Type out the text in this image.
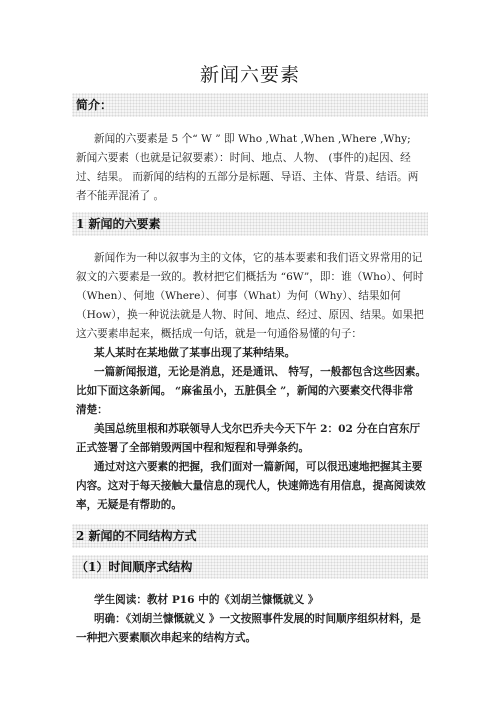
新闻六要素
简介：
新闻的六要素是 5 个“ W ” 即 Who ,What ,When ,Where ,Why;
新闻六要素（也就是记叙要素）：时间、地点、人物、 (事件的)起因、经
过、结果。 而新闻的结构的五部分是标题、导语、主体、背景、结语。两
者不能弄混淆了 。
1 新闻的六要素
新闻作为一种以叙事为主的文体，它的基本要素和我们语文界常用的记
叙文的六要素是一致的。教材把它们概括为 “6W”，即：谁（Who）、何时
（When）、何地（Where）、何事（What）为何（Why）、结果如何
（How），换一种说法就是人物、时间、地点、经过、原因、结果。如果把
这六要素串起来，概括成一句话，就是一句通俗易懂的句子：
某人某时在某地做了某事出现了某种结果。
一篇新闻报道，无论是消息，还是通讯、 特写，一般都包含这些因素。
比如下面这条新闻。 “麻雀虽小，五脏俱全 ”，新闻的六要素交代得非常
清楚：
美国总统里根和苏联领导人戈尔巴乔夫今天下午 2：02 分在白宫东厅
正式签署了全部销毁两国中程和短程和导弹条约。
通过对这六要素的把握，我们面对一篇新闻，可以很迅速地把握其主要
内容。这对于每天接触大量信息的现代人，快速筛选有用信息，提高阅读效
率，无疑是有帮助的。
2 新闻的不同结构方式
（1）时间顺序式结构
学生阅读：教材 P16 中的《刘胡兰慷慨就义 》
明确：《刘胡兰慷慨就义 》一文按照事件发展的时间顺序组织材料，是
一种把六要素顺次串起来的结构方式。
